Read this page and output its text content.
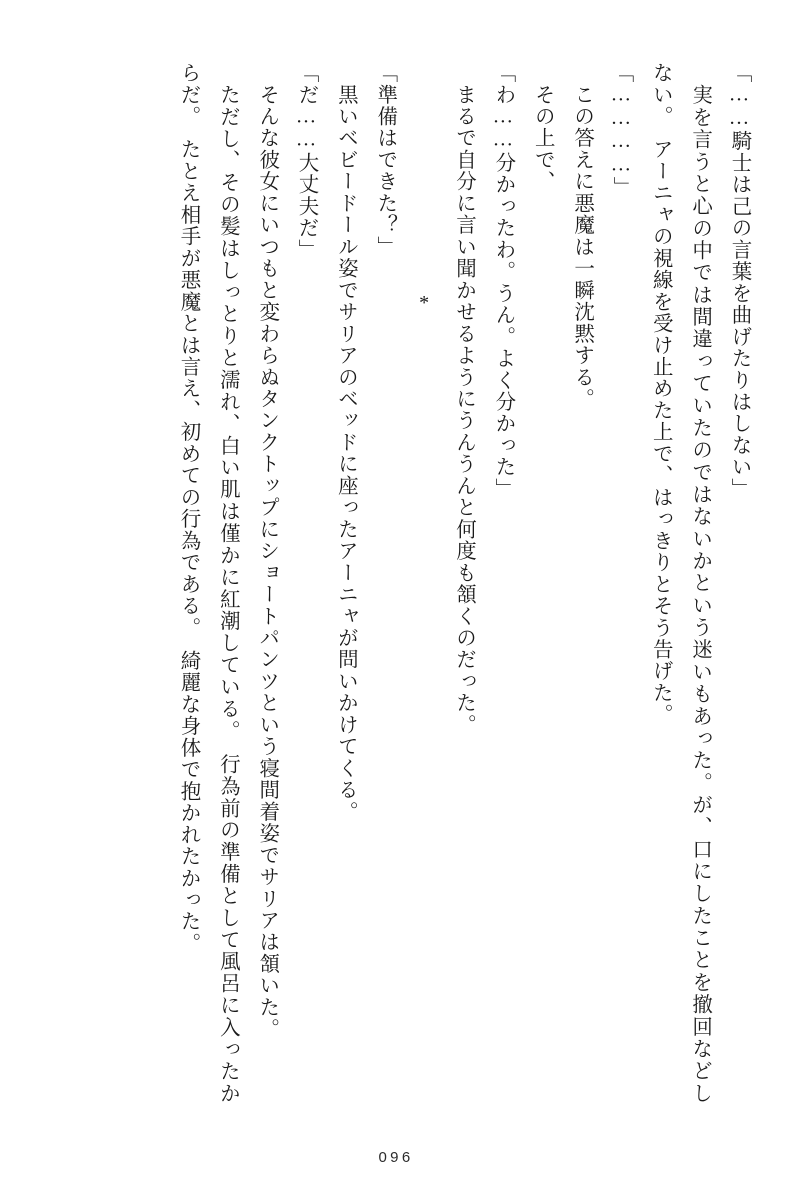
「……騎士は己の言葉を曲げたりはしない」

　実を言うと心の中では間違っていたのではないかという迷いもあった。が、口にしたことを撤回などしない。　アーニャの視線を受け止めた上で、はっきりとそう告げた。

「…………」

　この答えに悪魔は一瞬沈黙する。

　その上で、

「わ……分かったわ。うん。よく分かった」

　まるで自分に言い聞かせるようにうんうんと何度も頷くのだった。

*

「準備はできた？」

　黒いベビードール姿でサリアのベッドに座ったアーニャが問いかけてくる。

「だ……大丈夫だ」

　そんな彼女にいつもと変わらぬタンクトップにショートパンツという寝間着姿でサリアは頷いた。

　ただし、その髪はしっとりと濡れ、白い肌は僅かに紅潮している。　行為前の準備として風呂に入ったからだ。　たとえ相手が悪魔とは言え、初めての行為である。　綺麗な身体で抱かれたかった。

096
